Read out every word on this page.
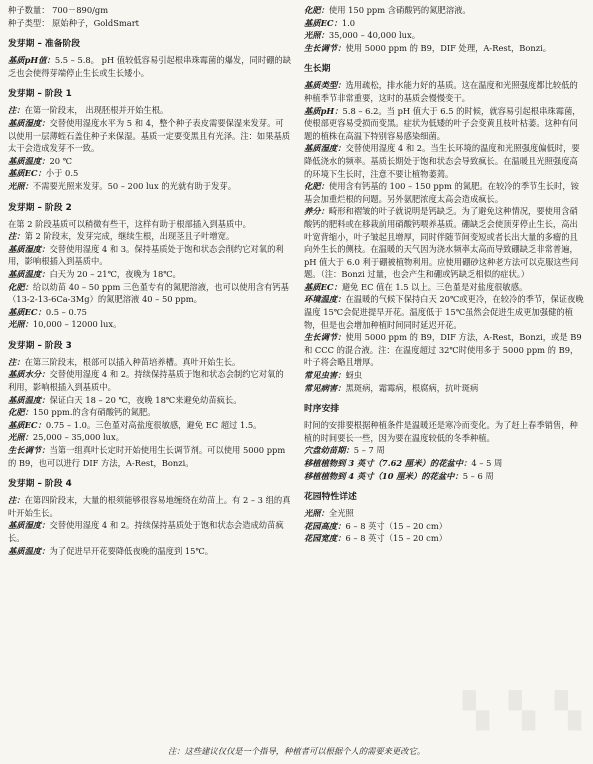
种子数量： 700－890/gm

种子类型： 原始种子，GoldSmart

发芽期 – 准备阶段

基质pH值：5.5 – 5.8。 pH 值较低容易引起根串珠霉菌的爆发，同时硼的缺乏也会使得芽端停止生长或生长矮小。

发芽期 – 阶段 1

注：在第一阶段末， 出现胚根并开始生根。

基质湿度：交替使用湿度水平为 5 和 4，整个种子表皮需要保湿来发芽。可以使用一层薄蛭石盖住种子来保湿。基质一定要变黑且有光泽。注：如果基质太干会造成发芽不一致。

基质温度：20 ℃

基质EC：小于 0.5

光照：不需要光照来发芽。50 – 200 lux 的光就有助于发芽。

发芽期 – 阶段 2

在第 2 阶段基质可以稍微有些干，这样有助于根部插入到基质中。

注：第 2 阶段末，发芽完成，继续生根，出现茎且子叶增宽。

基质湿度：交替使用湿度 4 和 3。保持基质处于饱和状态会削约它对氧的利用，影响根插入到基质中。

基质温度：白天为 20 – 21℃，夜晚为 18℃。

化肥：给以幼苗 40 – 50 ppm 三色堇专有的氮肥溶液，也可以使用含有钙基（13-2-13-6Ca-3Mg）的氮肥溶液 40 – 50 ppm。

基质EC：0.5 – 0.75

光照：10,000 – 12000 lux。

发芽期 – 阶段 3

注：在第三阶段末，根部可以插入种苗培养槽。真叶开始生长。

基质水分：交替使用湿度 4 和 2。持续保持基质于饱和状态会制约它对氧的利用，影响根插入到基质中。

基质温度：保证白天 18 – 20 ℃，夜晚 18℃来避免幼苗疯长。

化肥：150 ppm.的含有硝酸钙的氮肥。

基质EC：0.75 – 1.0。三色堇对高盐度很敏感，避免 EC 超过 1.5。

光照：25,000 – 35,000 lux。

生长调节：当第一组真叶长定时开始使用生长调节剂。可以使用 5000 ppm 的 B9，也可以进行 DIF 方法，A-Rest，Bonzi。

发芽期 – 阶段 4

注：在第四阶段末，大量的根须能够很容易地缠绕在幼苗上。有 2 – 3 组的真叶开始生长。

基质湿度：交替使用湿度 4 和 2。持续保持基质处于饱和状态会造成幼苗疯长。

基质温度：为了促进早开花要降低夜晚的温度到 15℃。

化肥：使用 150 ppm 含硝酸钙的氮肥溶液。

基质EC：1.0

光照：35,000 – 40,000 lux。

生长调节：使用 5000 ppm 的 B9，DIF 处理，A-Rest，Bonzi。

生长期

基质类型：选用疏松，排水能力好的基质。这在温度和光照强度都比较低的种植季节非常重要，这时的基质会慢慢变干。

基质pH：5.8 – 6.2。当 pH 值大于 6.5 的时候，就容易引起根串珠霉菌，使根部更容易受损而变黑。症状为低矮的叶子会变黄且枝叶枯萎。这种有问题的植株在高温下特别容易感染细菌。

基质湿度：交替使用湿度 4 和 2。当生长环境的温度和光照强度偏低时，要降低浇水的频率。基质长期处于饱和状态会导致疯长。在温暖且光照强度高的环境下生长时，注意不要让植物萎蔫。

化肥：使用含有钙基的 100 – 150 ppm 的氮肥。在较冷的季节生长时，铵基会加重烂根的问题。另外氨肥浓度太高会造成疯长。

养分：畸形和褶皱的叶子就说明是钙缺乏。为了避免这种情况，要使用含硝酸钙的肥料或在移栽前用硝酸钙喂养基质。硼缺乏会使顶芽停止生长，高出叶宽背缩小，叶子皱起且增厚，同时伴随节间变短或者长出大量的多瘤的且向外生长的侧枝。在温暖的天气因为浇水频率太高而导致硼缺乏非常普遍，pH 值大于 6.0 利于硼被植物利用。应使用硼砂这种老方法可以克服这些问题。（注：Bonzi 过量，也会产生和硼或钙缺乏相似的症状。）

基质EC：避免 EC 值在 1.5 以上。三色堇是对盐度很敏感。

环境温度：在温暖的气候下保持白天 20℃或更冷，在较冷的季节，保证夜晚温度 15℃会促进提早开花。温度低于 15℃虽然会促进生成更加强健的植物，但是也会增加种植时间同时延迟开花。

生长调节：使用 5000 ppm 的 B9，DIF 方法，A-Rest，Bonzi，或是 B9 和 CCC 的混合液。注：在温度超过 32℃时使用多于 5000 ppm 的 B9，叶子将会略且增厚。

常见虫害：蚜虫

常见病害：黑斑病，霜霉病，根腐病，抗叶斑病

时序安排

时间的安排要根据种植条件是温暖还是寒冷而变化。为了赶上春季销售，种植的时间要长一些，因为要在温度较低的冬季种植。

穴盘幼苗期：5 – 7 周

移植植物到 3 英寸（7.62 厘米）的花盆中：4 – 5 周

移植植物到 4 英寸（10 厘米）的花盆中：5 – 6 周

花园特性详述

光照：全光照

花园高度：6 – 8 英寸（15 – 20 cm）

花园宽度：6 – 8 英寸（15 – 20 cm）

▚ ▚ ▚

注：这些建议仅仅是一个指导，种植者可以根据个人的需要来更改它。
